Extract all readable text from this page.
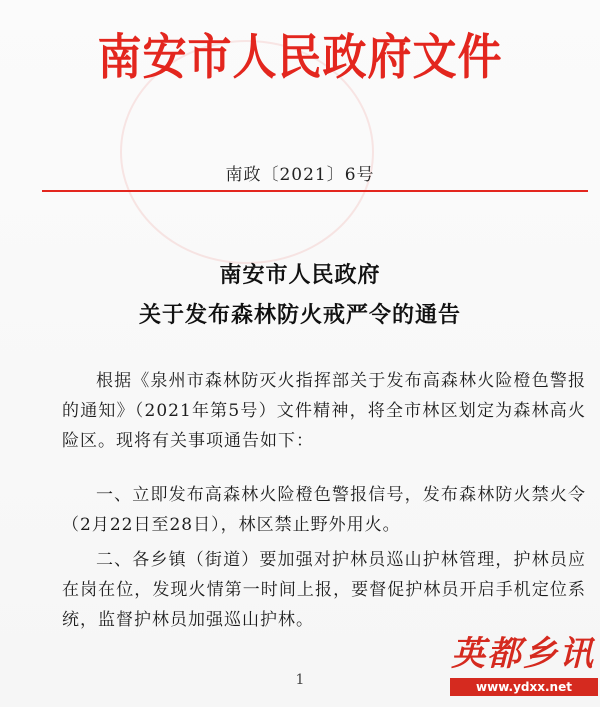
南安市人民政府文件
南政〔2021〕6号
南安市人民政府
关于发布森林防火戒严令的通告
根据《泉州市森林防灭火指挥部关于发布高森林火险橙色警报的通知》（2021年第5号）文件精神，将全市林区划定为森林高火险区。现将有关事项通告如下：
一、立即发布高森林火险橙色警报信号，发布森林防火禁火令（2月22日至28日），林区禁止野外用火。
二、各乡镇（街道）要加强对护林员巡山护林管理，护林员应在岗在位，发现火情第一时间上报，要督促护林员开启手机定位系统，监督护林员加强巡山护林。
1
英都乡讯
www.ydxx.net
